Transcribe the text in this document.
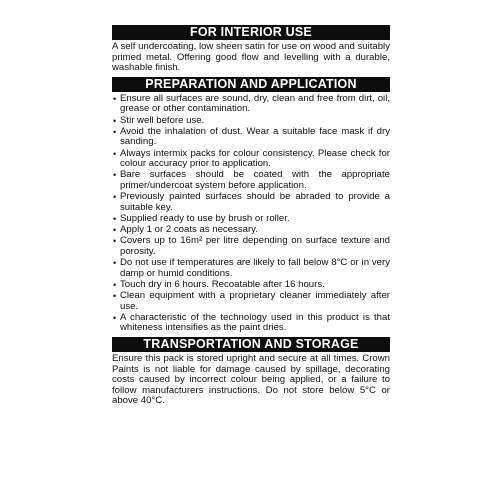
FOR INTERIOR USE

A self undercoating, low sheen satin for use on wood and suitably primed metal. Offering good flow and levelling with a durable, washable finish.

PREPARATION AND APPLICATION
• Ensure all surfaces are sound, dry, clean and free from dirt, oil, grease or other contamination.
• Stir well before use.
• Avoid the inhalation of dust. Wear a suitable face mask if dry sanding.
• Always intermix packs for colour consistency. Please check for colour accuracy prior to application.
• Bare surfaces should be coated with the appropriate primer/undercoat system before application.
• Previously painted surfaces should be abraded to provide a suitable key.
• Supplied ready to use by brush or roller.
• Apply 1 or 2 coats as necessary.
• Covers up to 16m² per litre depending on surface texture and porosity.
• Do not use if temperatures are likely to fall below 8°C or in very damp or humid conditions.
• Touch dry in 6 hours. Recoatable after 16 hours.
• Clean equipment with a proprietary cleaner immediately after use.
• A characteristic of the technology used in this product is that whiteness intensifies as the paint dries.
TRANSPORTATION AND STORAGE

Ensure this pack is stored upright and secure at all times. Crown Paints is not liable for damage caused by spillage, decorating costs caused by incorrect colour being applied, or a failure to follow manufacturers instructions. Do not store below 5°C or above 40°C.
